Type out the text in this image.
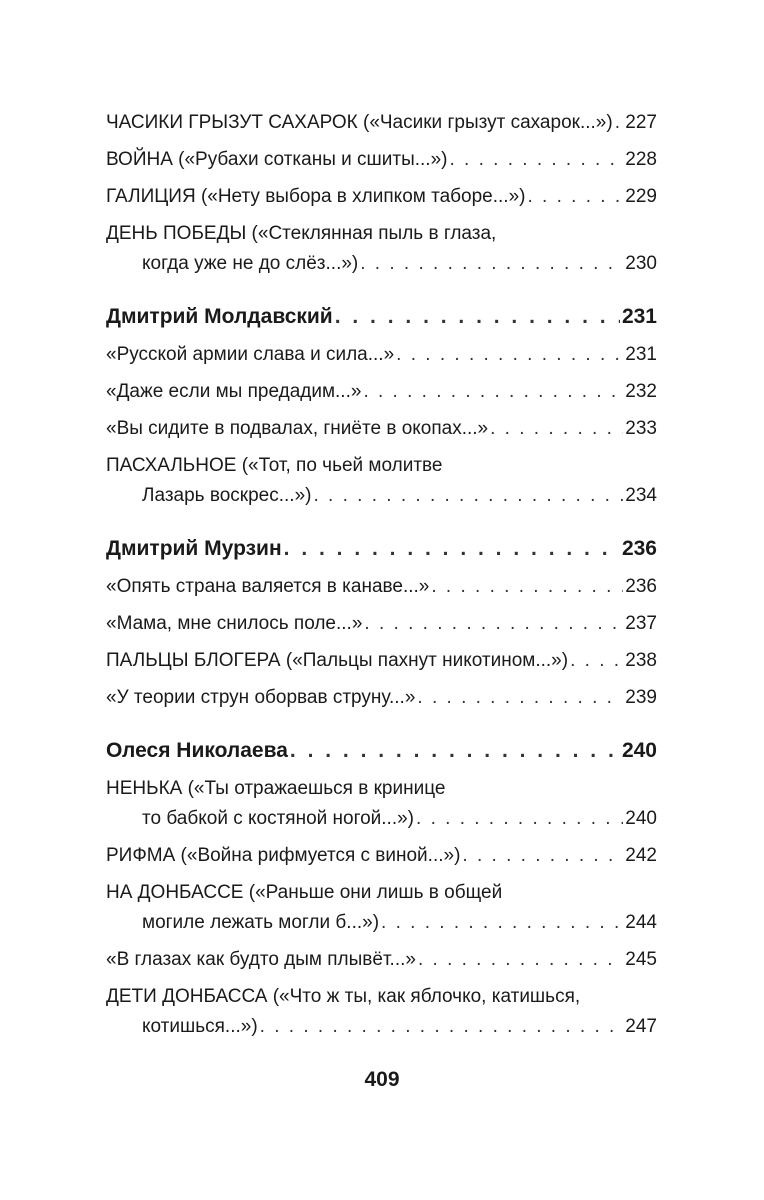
ЧАСИКИ ГРЫЗУТ САХАРОК («Часики грызут сахарок...») . . . 227
ВОЙНА («Рубахи сотканы и сшиты...») . . .	228
ГАЛИЦИЯ («Нету выбора в хлипком таборе...») . . .	229
ДЕНЬ ПОБЕДЫ («Стеклянная пыль в глаза,
когда уже не до слёз...») . . .	230
Дмитрий Молдавский . . .	231
«Русской армии слава и сила...» . . .	231
«Даже если мы предадим...» . . .	232
«Вы сидите в подвалах, гниёте в окопах...» . . .	233
ПАСХАЛЬНОЕ («Тот, по чьей молитве
Лазарь воскрес...») . . .	234
Дмитрий Мурзин . . .	236
«Опять страна валяется в канаве...» . . .	236
«Мама, мне снилось поле...» . . .	237
ПАЛЬЦЫ БЛОГЕРА («Пальцы пахнут никотином...») . . .	238
«У теории струн оборвав струну...» . . .	239
Олеся Николаева . . .	240
НЕНЬКА («Ты отражаешься в кринице
то бабкой с костяной ногой...») . . .	240
РИФМА («Война рифмуется с виной...») . . .	242
НА ДОНБАССЕ («Раньше они лишь в общей
могиле лежать могли б...») . . .	244
«В глазах как будто дым плывёт...» . . .	245
ДЕТИ ДОНБАССА («Что ж ты, как яблочко, катишься,
котишься...») . . .	247
409
